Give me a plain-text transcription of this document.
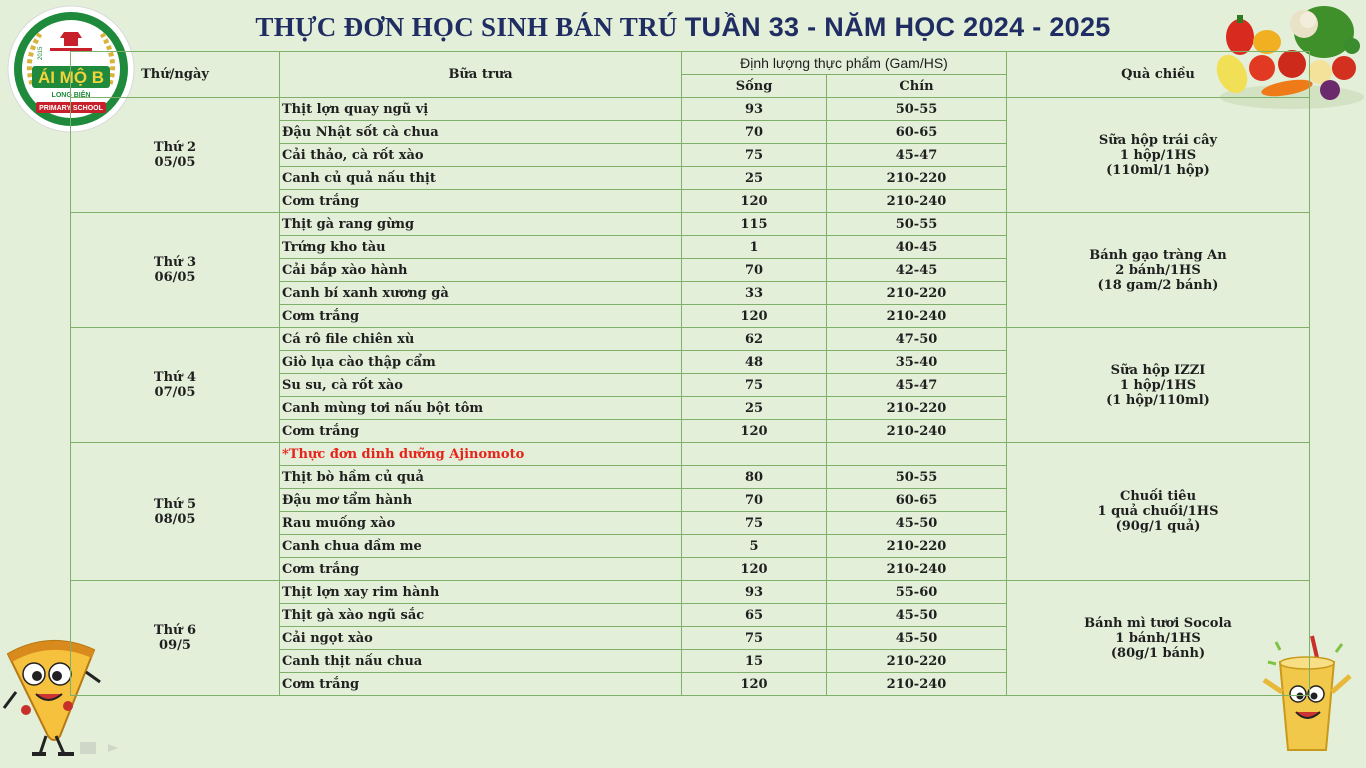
THỰC ĐƠN HỌC SINH BÁN TRÚ TUẦN 33 - NĂM HỌC 2024 - 2025
2015
ÁI MỘ B
LONG BIÊN
PRIMARY SCHOOL
Thứ/ngày	Bữa trưa	Định lượng thực phẩm (Gam/HS)		Quà chiều
		Sống	Chín	

Thứ 2
05/05	Thịt lợn quay ngũ vị	93	50-55	Sữa hộp trái cây
1 hộp/1HS
(110ml/1 hộp)

	Đậu Nhật sốt cà chua	70	60-65	
	Cải thảo, cà rốt xào	75	45-47	
	Canh củ quả nấu thịt	25	210-220	
	Cơm trắng	120	210-240	

Thứ 3
06/05	Thịt gà rang gừng	115	50-55	Bánh gạo tràng An
2 bánh/1HS
(18 gam/2 bánh)

	Trứng kho tàu	1	40-45	
	Cải bắp xào hành	70	42-45	
	Canh bí xanh xương gà	33	210-220	
	Cơm trắng	120	210-240	

Thứ 4
07/05	Cá rô file chiên xù	62	47-50	Sữa hộp IZZI
1 hộp/1HS
(1 hộp/110ml)

	Giò lụa cào thập cẩm	48	35-40	
	Su su, cà rốt xào	75	45-47	
	Canh mùng tơi nấu bột tôm	25	210-220	
	Cơm trắng	120	210-240	

Thứ 5
08/05	*Thực đơn dinh dưỡng Ajinomoto			Chuối tiêu
1 quả chuối/1HS
(90g/1 quả)

	Thịt bò hầm củ quả	80	50-55	
	Đậu mơ tẩm hành	70	60-65	
	Rau muống xào	75	45-50	
	Canh chua dầm me	5	210-220	
	Cơm trắng	120	210-240	

Thứ 6
09/5	Thịt lợn xay rim hành	93	55-60	Bánh mì tươi Socola
1 bánh/1HS
(80g/1 bánh)

	Thịt gà xào ngũ sắc	65	45-50	
	Cải ngọt xào	75	45-50	
	Canh thịt nấu chua	15	210-220	
	Cơm trắng	120	210-240	
